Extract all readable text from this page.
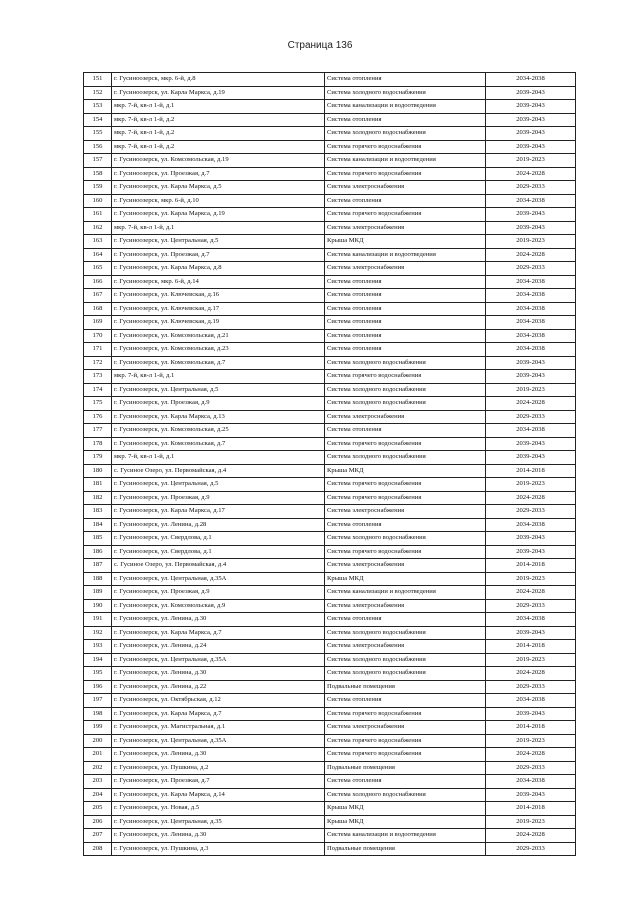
Страница 136
151	г. Гусиноозерск, мкр. 6-й, д.8	Система отопления	2034-2038
152	г. Гусиноозерск, ул. Карла Маркса, д.19	Система холодного водоснабжения	2039-2043
153	мкр. 7-й, кв-л 1-й, д.1	Система канализации и водоотведения	2039-2043
154	мкр. 7-й, кв-л 1-й, д.2	Система отопления	2039-2043
155	мкр. 7-й, кв-л 1-й, д.2	Система холодного водоснабжения	2039-2043
156	мкр. 7-й, кв-л 1-й, д.2	Система горячего водоснабжения	2039-2043
157	г. Гусиноозерск, ул. Комсомольская, д.19	Система канализации и водоотведения	2019-2023
158	г. Гусиноозерск, ул. Проезжая, д.7	Система горячего водоснабжения	2024-2028
159	г. Гусиноозерск, ул. Карла Маркса, д.5	Система электроснабжения	2029-2033
160	г. Гусиноозерск, мкр. 6-й, д.10	Система отопления	2034-2038
161	г. Гусиноозерск, ул. Карла Маркса, д.19	Система горячего водоснабжения	2039-2043
162	мкр. 7-й, кв-л 1-й, д.1	Система электроснабжения	2039-2043
163	г. Гусиноозерск, ул. Центральная, д.5	Крыша МКД	2019-2023
164	г. Гусиноозерск, ул. Проезжая, д.7	Система канализации и водоотведения	2024-2028
165	г. Гусиноозерск, ул. Карла Маркса, д.8	Система электроснабжения	2029-2033
166	г. Гусиноозерск, мкр. 6-й, д.14	Система отопления	2034-2038
167	г. Гусиноозерск, ул. Ключевская, д.16	Система отопления	2034-2038
168	г. Гусиноозерск, ул. Ключевская, д.17	Система отопления	2034-2038
169	г. Гусиноозерск, ул. Ключевская, д.19	Система отопления	2034-2038
170	г. Гусиноозерск, ул. Комсомольская, д.21	Система отопления	2034-2038
171	г. Гусиноозерск, ул. Комсомольская, д.23	Система отопления	2034-2038
172	г. Гусиноозерск, ул. Комсомольская, д.7	Система холодного водоснабжения	2039-2043
173	мкр. 7-й, кв-л 1-й, д.1	Система горячего водоснабжения	2039-2043
174	г. Гусиноозерск, ул. Центральная, д.5	Система холодного водоснабжения	2019-2023
175	г. Гусиноозерск, ул. Проезжая, д.9	Система холодного водоснабжения	2024-2028
176	г. Гусиноозерск, ул. Карла Маркса, д.13	Система электроснабжения	2029-2033
177	г. Гусиноозерск, ул. Комсомольская, д.25	Система отопления	2034-2038
178	г. Гусиноозерск, ул. Комсомольская, д.7	Система горячего водоснабжения	2039-2043
179	мкр. 7-й, кв-л 1-й, д.1	Система холодного водоснабжения	2039-2043
180	с. Гусиное Озеро, ул. Первомайская, д.4	Крыша МКД	2014-2018
181	г. Гусиноозерск, ул. Центральная, д.5	Система горячего водоснабжения	2019-2023
182	г. Гусиноозерск, ул. Проезжая, д.9	Система горячего водоснабжения	2024-2028
183	г. Гусиноозерск, ул. Карла Маркса, д.17	Система электроснабжения	2029-2033
184	г. Гусиноозерск, ул. Ленина, д.28	Система отопления	2034-2038
185	г. Гусиноозерск, ул. Свердлова, д.1	Система холодного водоснабжения	2039-2043
186	г. Гусиноозерск, ул. Свердлова, д.1	Система горячего водоснабжения	2039-2043
187	с. Гусиное Озеро, ул. Первомайская, д.4	Система электроснабжения	2014-2018
188	г. Гусиноозерск, ул. Центральная, д.35А	Крыша МКД	2019-2023
189	г. Гусиноозерск, ул. Проезжая, д.9	Система канализации и водоотведения	2024-2028
190	г. Гусиноозерск, ул. Комсомольская, д.9	Система электроснабжения	2029-2033
191	г. Гусиноозерск, ул. Ленина, д.30	Система отопления	2034-2038
192	г. Гусиноозерск, ул. Карла Маркса, д.7	Система холодного водоснабжения	2039-2043
193	г. Гусиноозерск, ул. Ленина, д.24	Система электроснабжения	2014-2018
194	г. Гусиноозерск, ул. Центральная, д.35А	Система холодного водоснабжения	2019-2023
195	г. Гусиноозерск, ул. Ленина, д.30	Система холодного водоснабжения	2024-2028
196	г. Гусиноозерск, ул. Ленина, д.22	Подвальные помещения	2029-2033
197	г. Гусиноозерск, ул. Октябрьская, д.12	Система отопления	2034-2038
198	г. Гусиноозерск, ул. Карла Маркса, д.7	Система горячего водоснабжения	2039-2043
199	г. Гусиноозерск, ул. Магистральная, д.1	Система электроснабжения	2014-2018
200	г. Гусиноозерск, ул. Центральная, д.35А	Система горячего водоснабжения	2019-2023
201	г. Гусиноозерск, ул. Ленина, д.30	Система горячего водоснабжения	2024-2028
202	г. Гусиноозерск, ул. Пушкина, д.2	Подвальные помещения	2029-2033
203	г. Гусиноозерск, ул. Проезжая, д.7	Система отопления	2034-2038
204	г. Гусиноозерск, ул. Карла Маркса, д.14	Система холодного водоснабжения	2039-2043
205	г. Гусиноозерск, ул. Новая, д.5	Крыша МКД	2014-2018
206	г. Гусиноозерск, ул. Центральная, д.35	Крыша МКД	2019-2023
207	г. Гусиноозерск, ул. Ленина, д.30	Система канализации и водоотведения	2024-2028
208	г. Гусиноозерск, ул. Пушкина, д.3	Подвальные помещения	2029-2033
